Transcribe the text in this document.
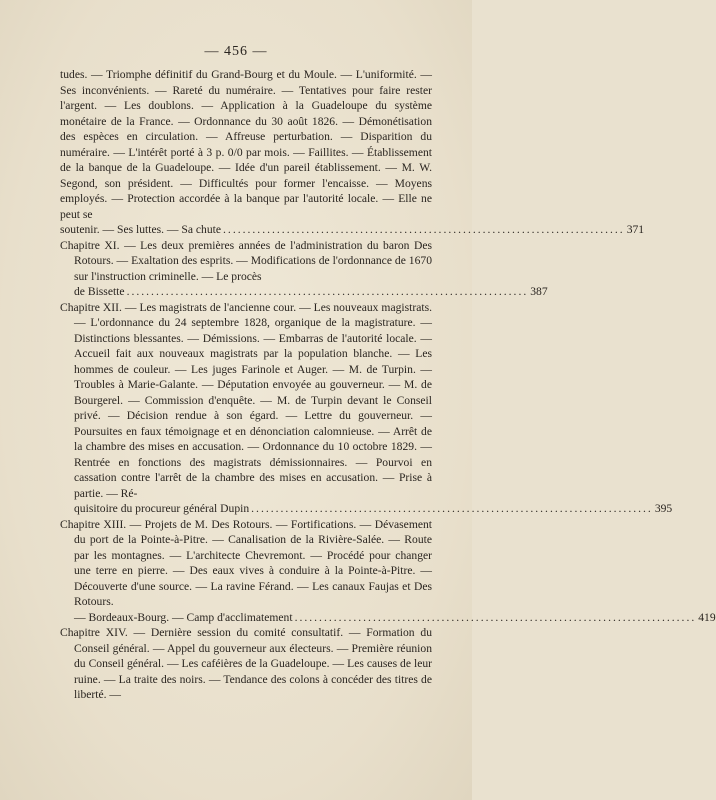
— 456 —
tudes. — Triomphe définitif du Grand-Bourg et du Moule. — L'uniformité. — Ses inconvénients. — Rareté du numéraire. — Tentatives pour faire rester l'argent. — Les doublons. — Application à la Guadeloupe du système monétaire de la France. — Ordonnance du 30 août 1826. — Démonétisation des espèces en circulation. — Affreuse perturbation. — Disparition du numéraire. — L'intérêt porté à 3 p. 0/0 par mois. — Faillites. — Établissement de la banque de la Guadeloupe. — Idée d'un pareil établissement. — M. W. Segond, son président. — Difficultés pour former l'encaisse. — Moyens employés. — Protection accordée à la banque par l'autorité locale. — Elle ne peut se
soutenir. — Ses luttes. — Sa chute .................................................................................. 371
Chapitre XI. — Les deux premières années de l'administration du baron Des Rotours. — Exaltation des esprits. — Modifications de l'ordonnance de 1670 sur l'instruction criminelle. — Le procès
de Bissette .................................................................................. 387
Chapitre XII. — Les magistrats de l'ancienne cour. — Les nouveaux magistrats. — L'ordonnance du 24 septembre 1828, organique de la magistrature. — Distinctions blessantes. — Démissions. — Embarras de l'autorité locale. — Accueil fait aux nouveaux magistrats par la population blanche. — Les hommes de couleur. — Les juges Farinole et Auger. — M. de Turpin. — Troubles à Marie-Galante. — Députation envoyée au gouverneur. — M. de Bourgerel. — Commission d'enquête. — M. de Turpin devant le Conseil privé. — Décision rendue à son égard. — Lettre du gouverneur. — Poursuites en faux témoignage et en dénonciation calomnieuse. — Arrêt de la chambre des mises en accusation. — Ordonnance du 10 octobre 1829. — Rentrée en fonctions des magistrats démissionnaires. — Pourvoi en cassation contre l'arrêt de la chambre des mises en accusation. — Prise à partie. — Ré-
quisitoire du procureur général Dupin .................................................................................. 395
Chapitre XIII. — Projets de M. Des Rotours. — Fortifications. — Dévasement du port de la Pointe-à-Pitre. — Canalisation de la Rivière-Salée. — Route par les montagnes. — L'architecte Chevremont. — Procédé pour changer une terre en pierre. — Des eaux vives à conduire à la Pointe-à-Pitre. — Découverte d'une source. — La ravine Férand. — Les canaux Faujas et Des Rotours.
— Bordeaux-Bourg. — Camp d'acclimatement .................................................................................. 419
Chapitre XIV. — Dernière session du comité consultatif. — Formation du Conseil général. — Appel du gouverneur aux électeurs. — Première réunion du Conseil général. — Les caféières de la Guadeloupe. — Les causes de leur ruine. — La traite des noirs. — Tendance des colons à concéder des titres de liberté. —
